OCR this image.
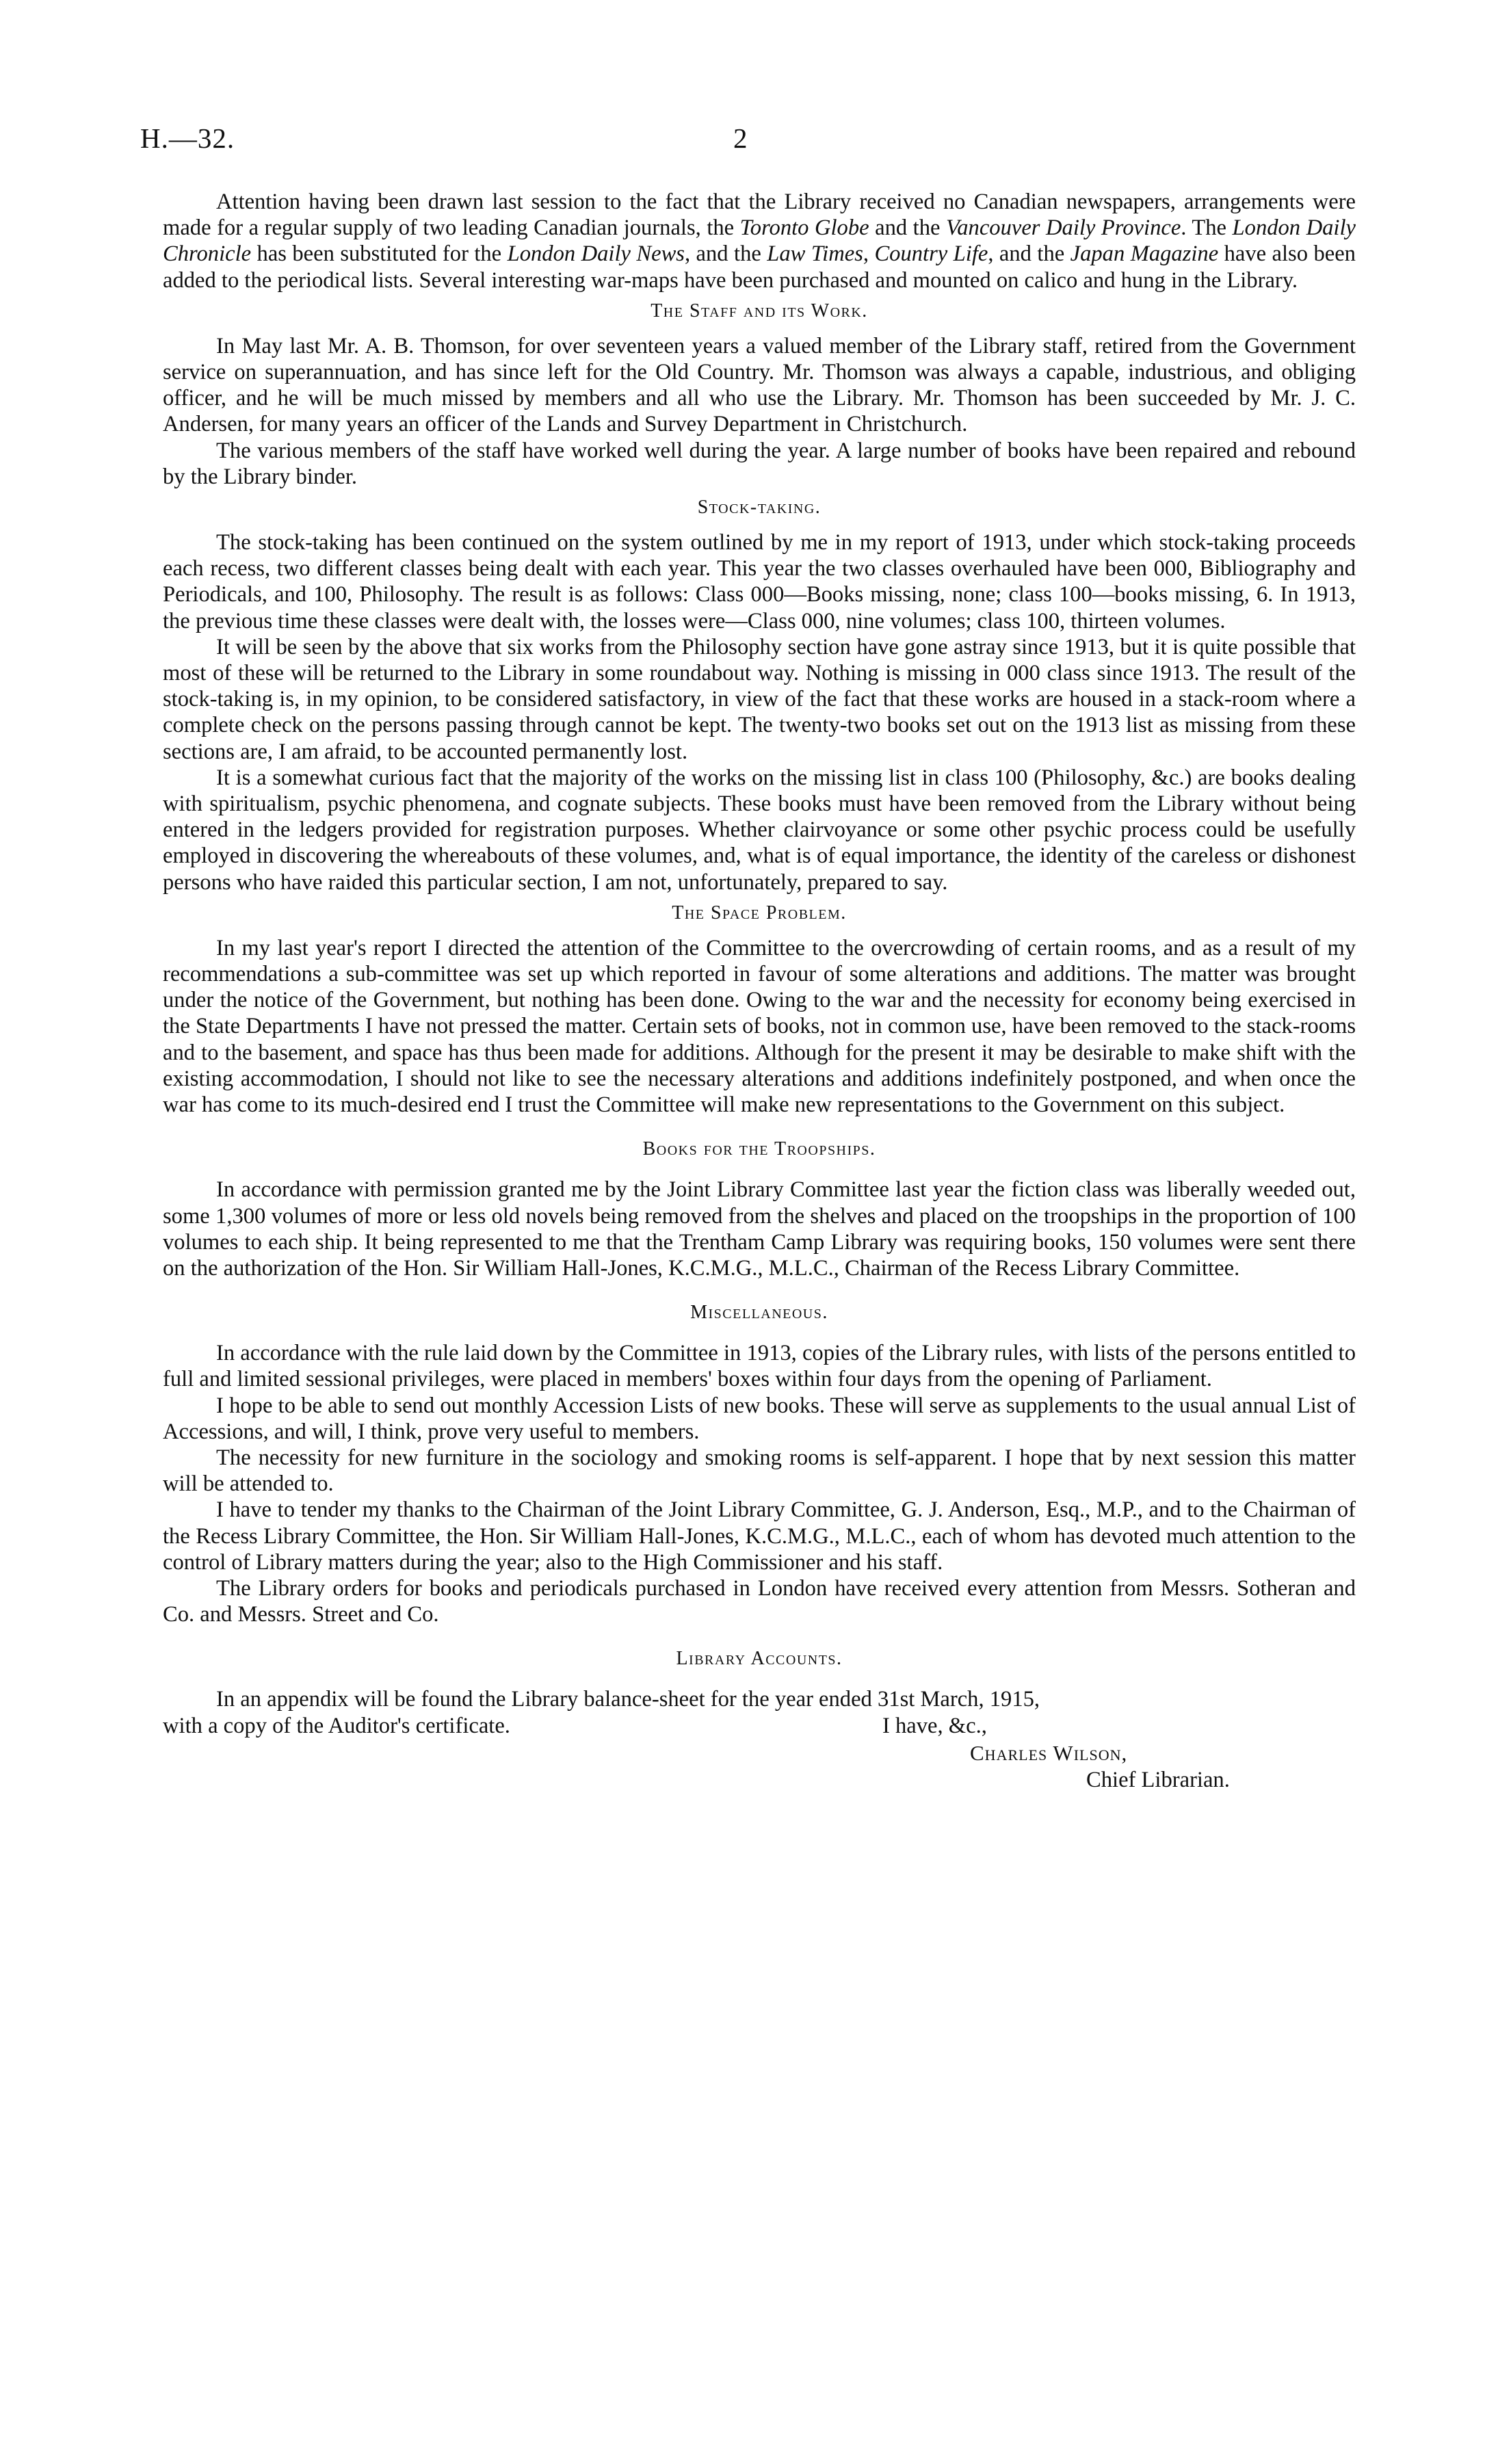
H.—32.	2

Attention having been drawn last session to the fact that the Library received no Canadian newspapers, arrangements were made for a regular supply of two leading Canadian journals, the Toronto Globe and the Vancouver Daily Province. The London Daily Chronicle has been substituted for the London Daily News, and the Law Times, Country Life, and the Japan Magazine have also been added to the periodical lists. Several interesting war-maps have been purchased and mounted on calico and hung in the Library.

The Staff and its Work.

In May last Mr. A. B. Thomson, for over seventeen years a valued member of the Library staff, retired from the Government service on superannuation, and has since left for the Old Country. Mr. Thomson was always a capable, industrious, and obliging officer, and he will be much missed by members and all who use the Library. Mr. Thomson has been succeeded by Mr. J. C. Andersen, for many years an officer of the Lands and Survey Department in Christchurch.

The various members of the staff have worked well during the year. A large number of books have been repaired and rebound by the Library binder.

Stock-taking.

The stock-taking has been continued on the system outlined by me in my report of 1913, under which stock-taking proceeds each recess, two different classes being dealt with each year. This year the two classes overhauled have been 000, Bibliography and Periodicals, and 100, Philosophy. The result is as follows: Class 000—Books missing, none; class 100—books missing, 6. In 1913, the previous time these classes were dealt with, the losses were—Class 000, nine volumes; class 100, thirteen volumes.

It will be seen by the above that six works from the Philosophy section have gone astray since 1913, but it is quite possible that most of these will be returned to the Library in some roundabout way. Nothing is missing in 000 class since 1913. The result of the stock-taking is, in my opinion, to be considered satisfactory, in view of the fact that these works are housed in a stack-room where a complete check on the persons passing through cannot be kept. The twenty-two books set out on the 1913 list as missing from these sections are, I am afraid, to be accounted permanently lost.

It is a somewhat curious fact that the majority of the works on the missing list in class 100 (Philosophy, &c.) are books dealing with spiritualism, psychic phenomena, and cognate subjects. These books must have been removed from the Library without being entered in the ledgers provided for registration purposes. Whether clairvoyance or some other psychic process could be usefully employed in discovering the whereabouts of these volumes, and, what is of equal importance, the identity of the careless or dishonest persons who have raided this particular section, I am not, unfortunately, prepared to say.

The Space Problem.

In my last year's report I directed the attention of the Committee to the overcrowding of certain rooms, and as a result of my recommendations a sub-committee was set up which reported in favour of some alterations and additions. The matter was brought under the notice of the Government, but nothing has been done. Owing to the war and the necessity for economy being exercised in the State Departments I have not pressed the matter. Certain sets of books, not in common use, have been removed to the stack-rooms and to the basement, and space has thus been made for additions. Although for the present it may be desirable to make shift with the existing accommodation, I should not like to see the necessary alterations and additions indefinitely postponed, and when once the war has come to its much-desired end I trust the Committee will make new representations to the Government on this subject.

Books for the Troopships.

In accordance with permission granted me by the Joint Library Committee last year the fiction class was liberally weeded out, some 1,300 volumes of more or less old novels being removed from the shelves and placed on the troopships in the proportion of 100 volumes to each ship. It being represented to me that the Trentham Camp Library was requiring books, 150 volumes were sent there on the authorization of the Hon. Sir William Hall-Jones, K.C.M.G., M.L.C., Chairman of the Recess Library Committee.

Miscellaneous.

In accordance with the rule laid down by the Committee in 1913, copies of the Library rules, with lists of the persons entitled to full and limited sessional privileges, were placed in members' boxes within four days from the opening of Parliament.

I hope to be able to send out monthly Accession Lists of new books. These will serve as supplements to the usual annual List of Accessions, and will, I think, prove very useful to members.

The necessity for new furniture in the sociology and smoking rooms is self-apparent. I hope that by next session this matter will be attended to.

I have to tender my thanks to the Chairman of the Joint Library Committee, G. J. Anderson, Esq., M.P., and to the Chairman of the Recess Library Committee, the Hon. Sir William Hall-Jones, K.C.M.G., M.L.C., each of whom has devoted much attention to the control of Library matters during the year; also to the High Commissioner and his staff.

The Library orders for books and periodicals purchased in London have received every attention from Messrs. Sotheran and Co. and Messrs. Street and Co.

Library Accounts.

In an appendix will be found the Library balance-sheet for the year ended 31st March, 1915,

with a copy of the Auditor's certificate.	I have, &c.,
Charles Wilson,
Chief Librarian.
